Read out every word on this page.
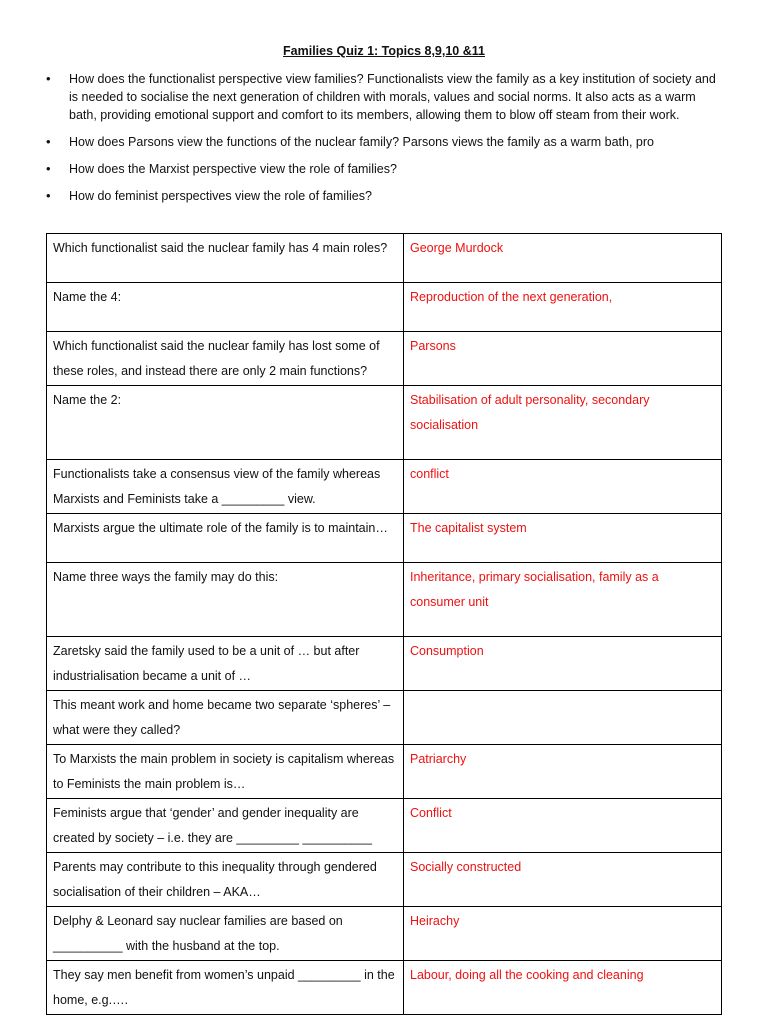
Families Quiz 1: Topics 8,9,10 &11
• How does the functionalist perspective view families? Functionalists view the family as a key institution of society and is needed to socialise the next generation of children with morals, values and social norms. It also acts as a warm bath, providing emotional support and comfort to its members, allowing them to blow off steam from their work.
• How does Parsons view the functions of the nuclear family? Parsons views the family as a warm bath, pro
• How does the Marxist perspective view the role of families?
• How do feminist perspectives view the role of families?
Which functionalist said the nuclear family has 4 main roles?	George Murdock
Name the 4:	Reproduction of the next generation,
Which functionalist said the nuclear family has lost some of these roles, and instead there are only 2 main functions?	Parsons
Name the 2:	Stabilisation of adult personality, secondary socialisation
Functionalists take a consensus view of the family whereas Marxists and Feminists take a _________ view.	conflict
Marxists argue the ultimate role of the family is to maintain…	The capitalist system
Name three ways the family may do this:	Inheritance, primary socialisation, family as a consumer unit
Zaretsky said the family used to be a unit of … but after industrialisation became a unit of …	Consumption
This meant work and home became two separate ‘spheres’ – what were they called?	
To Marxists the main problem in society is capitalism whereas to Feminists the main problem is…	Patriarchy
Feminists argue that ‘gender’ and gender inequality are created by society – i.e. they are _________ __________	Conflict
Parents may contribute to this inequality through gendered socialisation of their children – AKA…	Socially constructed
Delphy & Leonard say nuclear families are based on __________ with the husband at the top.	Heirachy
They say men benefit from women’s unpaid _________ in the home, e.g.….	Labour, doing all the cooking and cleaning
